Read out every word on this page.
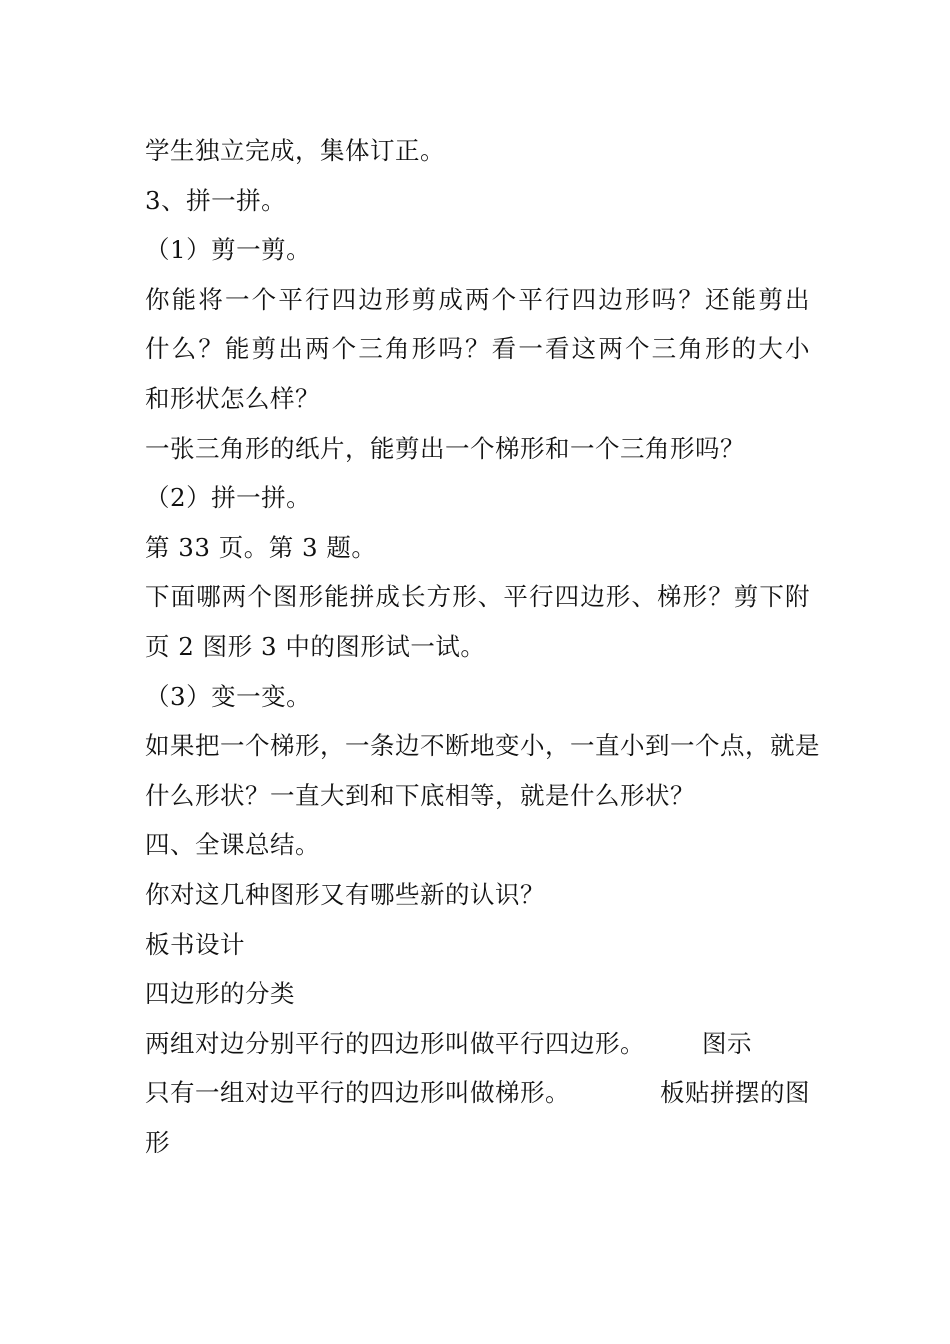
学生独立完成，集体订正。
3、拼一拼。
（1）剪一剪。
你能将一个平行四边形剪成两个平行四边形吗？还能剪出
什么？能剪出两个三角形吗？看一看这两个三角形的大小
和形状怎么样？
一张三角形的纸片，能剪出一个梯形和一个三角形吗？
（2）拼一拼。
第 33 页。第 3 题。
下面哪两个图形能拼成长方形、平行四边形、梯形？剪下附
页 2 图形 3 中的图形试一试。
（3）变一变。
如果把一个梯形，一条边不断地变小，一直小到一个点，就是
什么形状？一直大到和下底相等，就是什么形状？
四、全课总结。
你对这几种图形又有哪些新的认识？
板书设计
四边形的分类
两组对边分别平行的四边形叫做平行四边形。 图示
只有一组对边平行的四边形叫做梯形。	板贴拼摆的图
形
